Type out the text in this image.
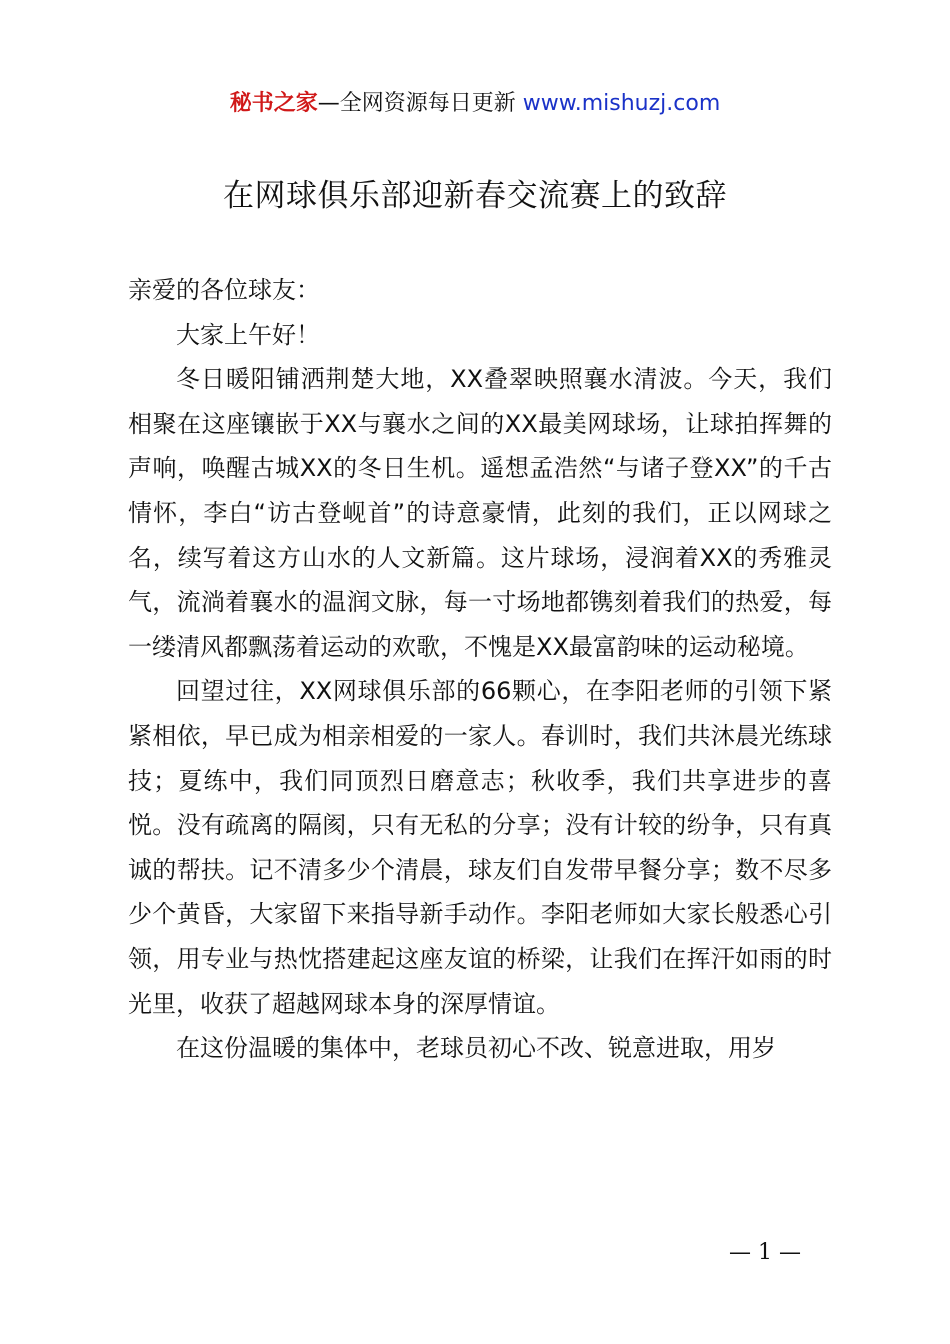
秘书之家—全网资源每日更新 www.mishuzj.com
在网球俱乐部迎新春交流赛上的致辞

亲爱的各位球友：

大家上午好！

冬日暖阳铺洒荆楚大地，XX叠翠映照襄水清波。今天，我们相聚在这座镶嵌于XX与襄水之间的XX最美网球场，让球拍挥舞的声响，唤醒古城XX的冬日生机。遥想孟浩然“与诸子登XX”的千古情怀，李白“访古登岘首”的诗意豪情，此刻的我们，正以网球之名，续写着这方山水的人文新篇。这片球场，浸润着XX的秀雅灵气，流淌着襄水的温润文脉，每一寸场地都镌刻着我们的热爱，每一缕清风都飘荡着运动的欢歌，不愧是XX最富韵味的运动秘境。

回望过往，XX网球俱乐部的66颗心，在李阳老师的引领下紧紧相依，早已成为相亲相爱的一家人。春训时，我们共沐晨光练球技；夏练中，我们同顶烈日磨意志；秋收季，我们共享进步的喜悦。没有疏离的隔阂，只有无私的分享；没有计较的纷争，只有真诚的帮扶。记不清多少个清晨，球友们自发带早餐分享；数不尽多少个黄昏，大家留下来指导新手动作。李阳老师如大家长般悉心引领，用专业与热忱搭建起这座友谊的桥梁，让我们在挥汗如雨的时光里，收获了超越网球本身的深厚情谊。

在这份温暖的集体中，老球员初心不改、锐意进取，用岁

— 1 —
